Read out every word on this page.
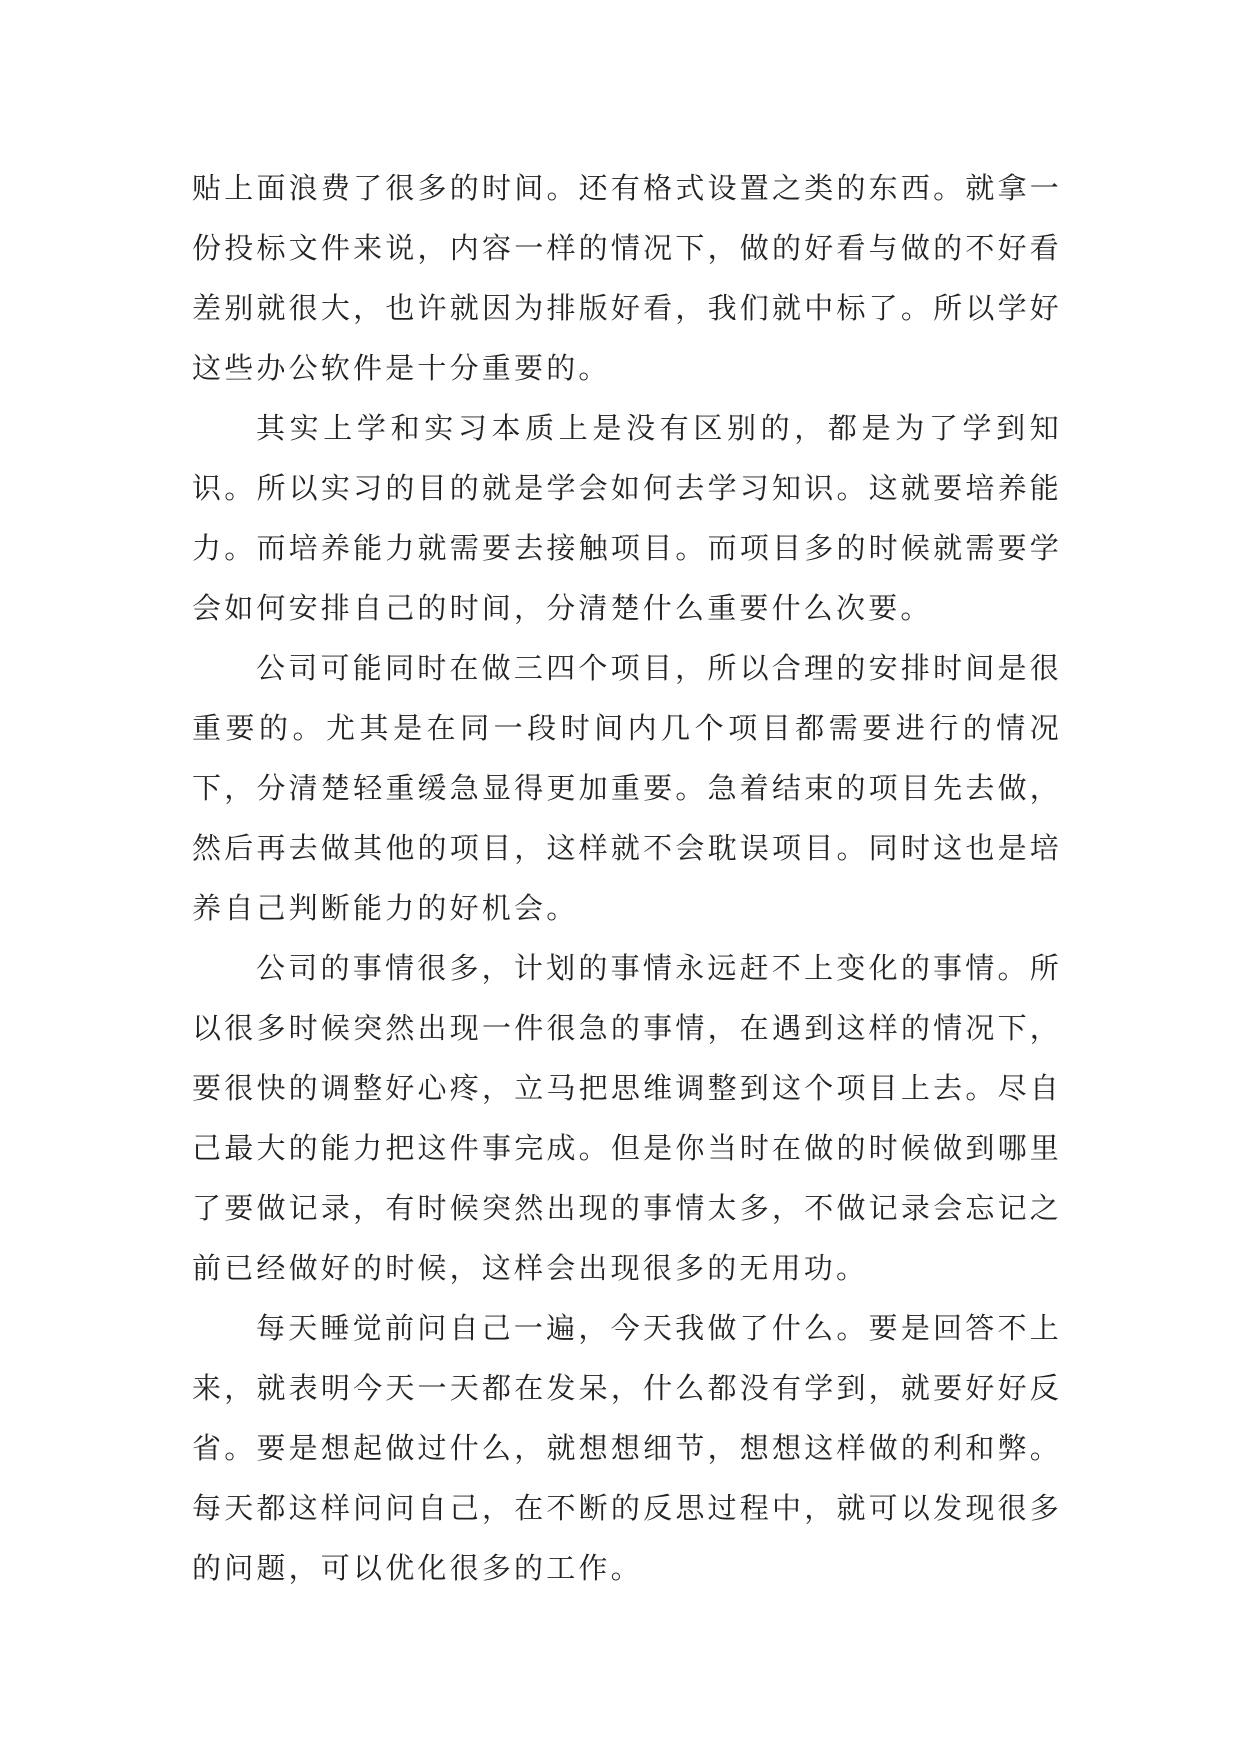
贴上面浪费了很多的时间。还有格式设置之类的东西。就拿一份投标文件来说，内容一样的情况下，做的好看与做的不好看差别就很大，也许就因为排版好看，我们就中标了。所以学好这些办公软件是十分重要的。

其实上学和实习本质上是没有区别的，都是为了学到知识。所以实习的目的就是学会如何去学习知识。这就要培养能力。而培养能力就需要去接触项目。而项目多的时候就需要学会如何安排自己的时间，分清楚什么重要什么次要。

公司可能同时在做三四个项目，所以合理的安排时间是很重要的。尤其是在同一段时间内几个项目都需要进行的情况下，分清楚轻重缓急显得更加重要。急着结束的项目先去做，然后再去做其他的项目，这样就不会耽误项目。同时这也是培养自己判断能力的好机会。

公司的事情很多，计划的事情永远赶不上变化的事情。所以很多时候突然出现一件很急的事情，在遇到这样的情况下，要很快的调整好心疼，立马把思维调整到这个项目上去。尽自己最大的能力把这件事完成。但是你当时在做的时候做到哪里了要做记录，有时候突然出现的事情太多，不做记录会忘记之前已经做好的时候，这样会出现很多的无用功。

每天睡觉前问自己一遍，今天我做了什么。要是回答不上来，就表明今天一天都在发呆，什么都没有学到，就要好好反省。要是想起做过什么，就想想细节，想想这样做的利和弊。每天都这样问问自己，在不断的反思过程中，就可以发现很多的问题，可以优化很多的工作。
